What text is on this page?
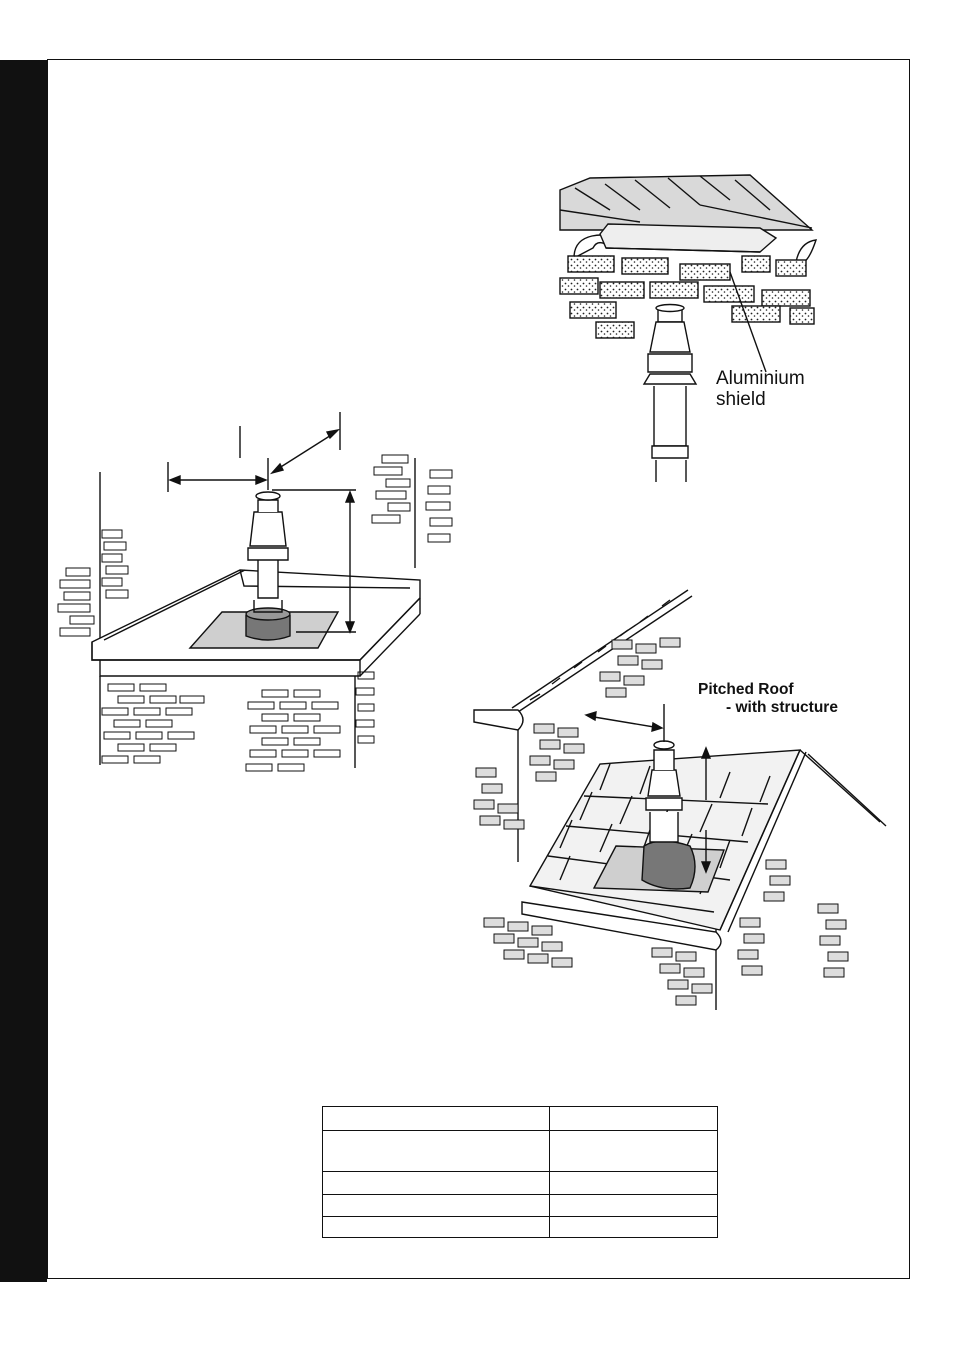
Aluminium
shield
Pitched Roof
- with structure
